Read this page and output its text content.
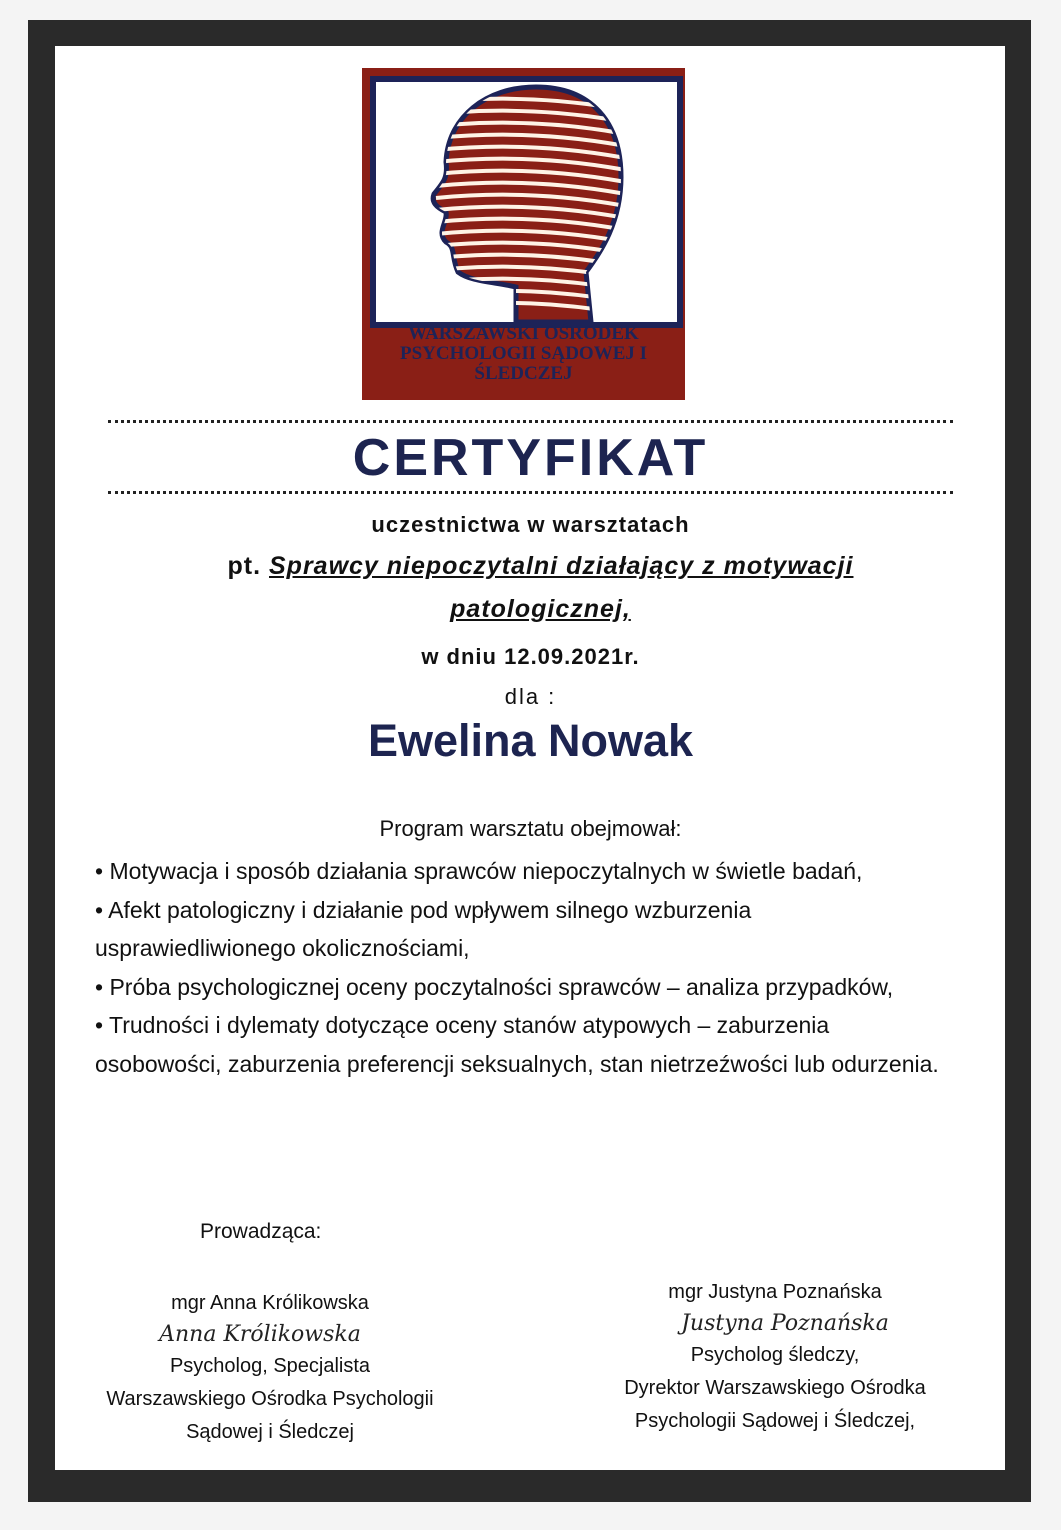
WARSZAWSKI OŚRODEK
PSYCHOLOGII SĄDOWEJ I
ŚLEDCZEJ
CERTYFIKAT
uczestnictwa w warsztatach
pt. Sprawcy niepoczytalni działający z motywacji
patologicznej,
w dniu 12.09.2021r.
dla :
Ewelina Nowak
Program warsztatu obejmował:
• Motywacja i sposób działania sprawców niepoczytalnych w świetle badań,
• Afekt patologiczny i działanie pod wpływem silnego wzburzenia usprawiedliwionego okolicznościami,
• Próba psychologicznej oceny poczytalności sprawców – analiza przypadków,
• Trudności i dylematy dotyczące oceny stanów atypowych – zaburzenia osobowości, zaburzenia preferencji seksualnych, stan nietrzeźwości lub odurzenia.
Prowadząca:
mgr Anna Królikowska
Anna Królikowska
Psycholog, Specjalista
Warszawskiego Ośrodka Psychologii
Sądowej i Śledczej
mgr Justyna Poznańska
Justyna Poznańska
Psycholog śledczy,
Dyrektor Warszawskiego Ośrodka
Psychologii Sądowej i Śledczej,
